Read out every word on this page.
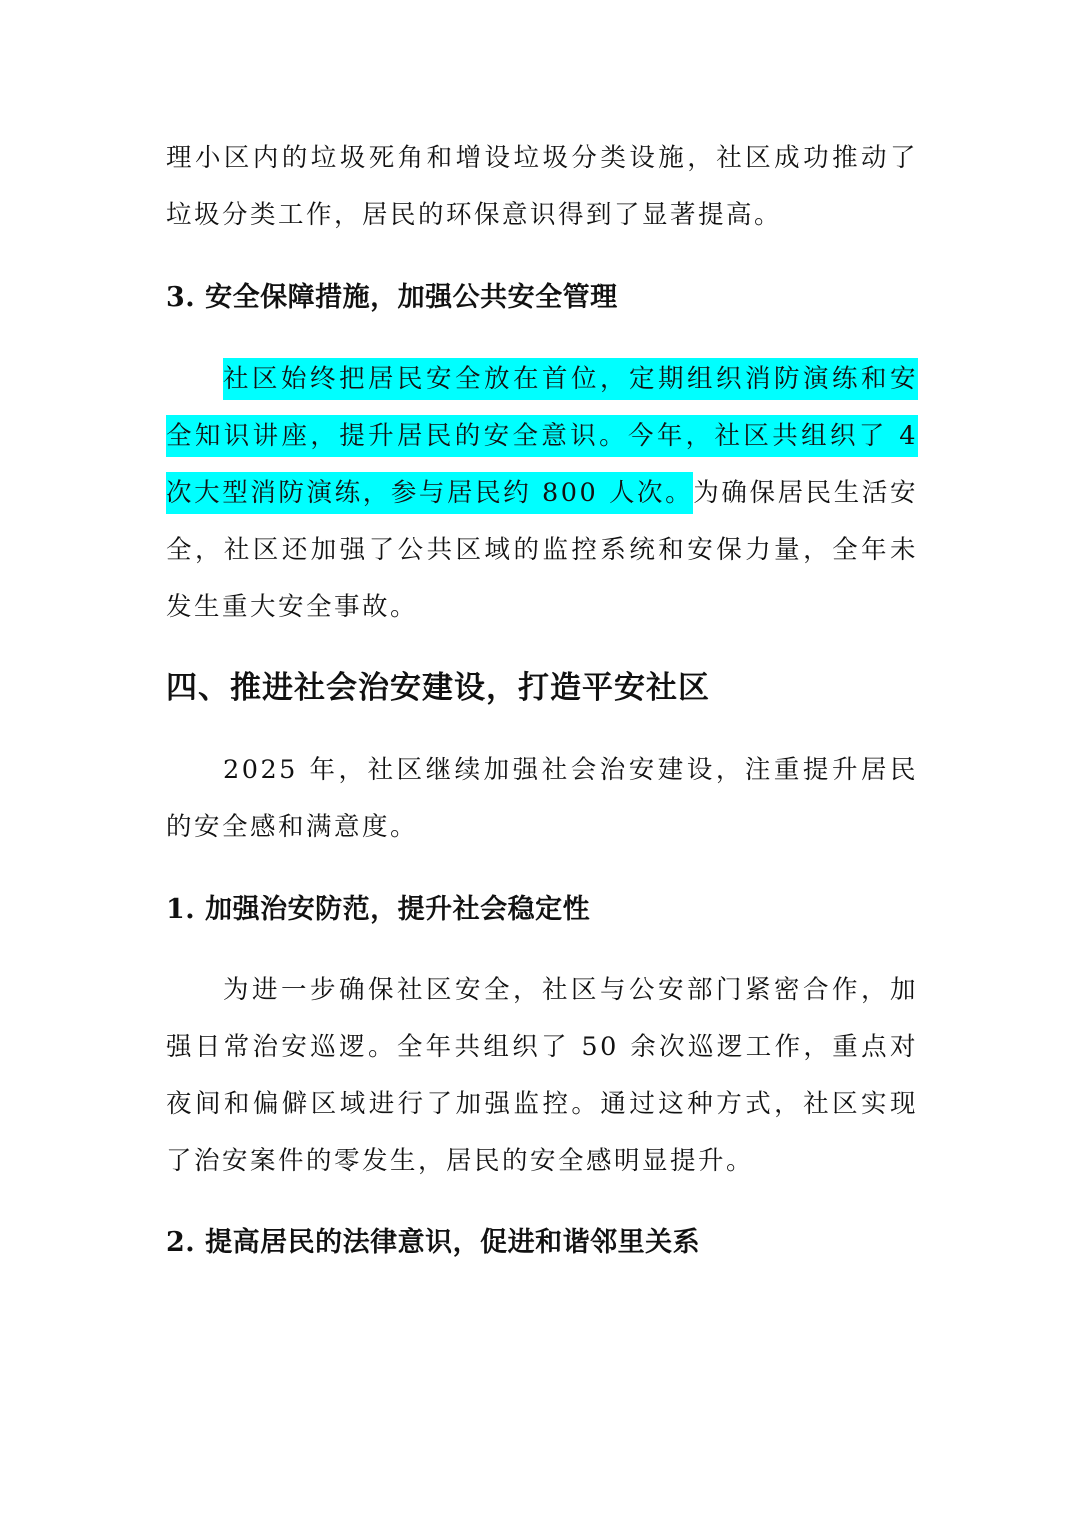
理小区内的垃圾死角和增设垃圾分类设施，社区成功推动了垃圾分类工作，居民的环保意识得到了显著提高。

3. 安全保障措施，加强公共安全管理

社区始终把居民安全放在首位，定期组织消防演练和安全知识讲座，提升居民的安全意识。今年，社区共组织了 4 次大型消防演练，参与居民约 800 人次。为确保居民生活安全，社区还加强了公共区域的监控系统和安保力量，全年未发生重大安全事故。

四、推进社会治安建设，打造平安社区

2025 年，社区继续加强社会治安建设，注重提升居民的安全感和满意度。

1. 加强治安防范，提升社会稳定性

为进一步确保社区安全，社区与公安部门紧密合作，加强日常治安巡逻。全年共组织了 50 余次巡逻工作，重点对夜间和偏僻区域进行了加强监控。通过这种方式，社区实现了治安案件的零发生，居民的安全感明显提升。

2. 提高居民的法律意识，促进和谐邻里关系
